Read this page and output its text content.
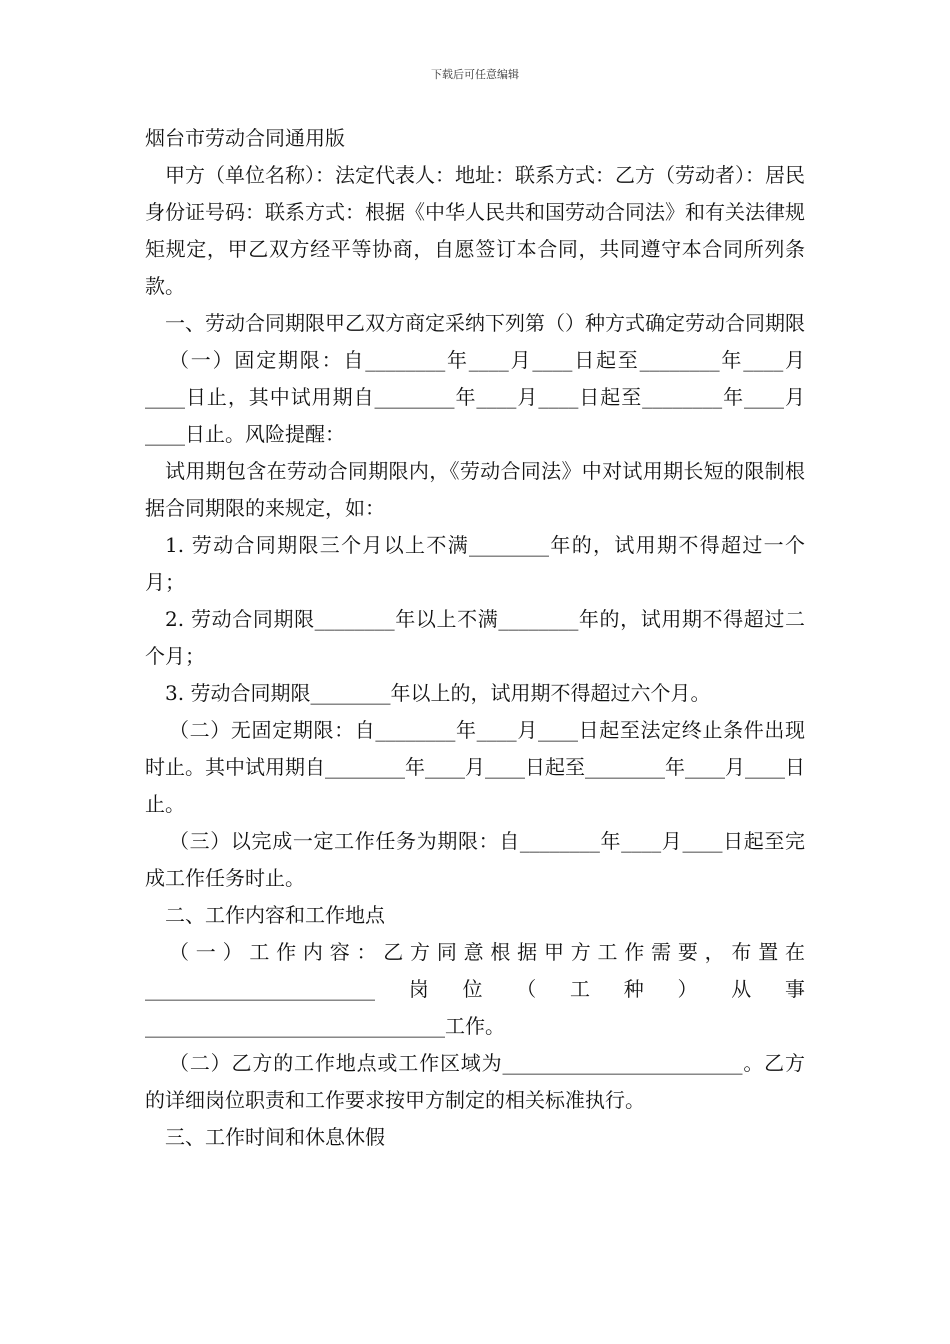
下载后可任意编辑

烟台市劳动合同通用版

甲方（单位名称）：法定代表人：地址：联系方式：乙方（劳动者）：居民身份证号码：联系方式：根据《中华人民共和国劳动合同法》和有关法律规矩规定，甲乙双方经平等协商，自愿签订本合同，共同遵守本合同所列条款。

一、劳动合同期限甲乙双方商定采纳下列第（）种方式确定劳动合同期限

（一）固定期限：自________年____月____日起至________年____月____日止，其中试用期自________年____月____日起至________年____月____日止。风险提醒：

试用期包含在劳动合同期限内，《劳动合同法》中对试用期长短的限制根据合同期限的来规定，如：

1. 劳动合同期限三个月以上不满________年的，试用期不得超过一个月；

2. 劳动合同期限________年以上不满________年的，试用期不得超过二个月；

3. 劳动合同期限________年以上的，试用期不得超过六个月。

（二）无固定期限：自________年____月____日起至法定终止条件出现时止。其中试用期自________年____月____日起至________年____月____日止。

（三）以完成一定工作任务为期限：自________年____月____日起至完成工作任务时止。

二、工作内容和工作地点

（一）工作内容：乙方同意根据甲方工作需要，布置在_______________________岗位（工种）从事______________________________工作。

（二）乙方的工作地点或工作区域为________________________。乙方的详细岗位职责和工作要求按甲方制定的相关标准执行。

三、工作时间和休息休假
